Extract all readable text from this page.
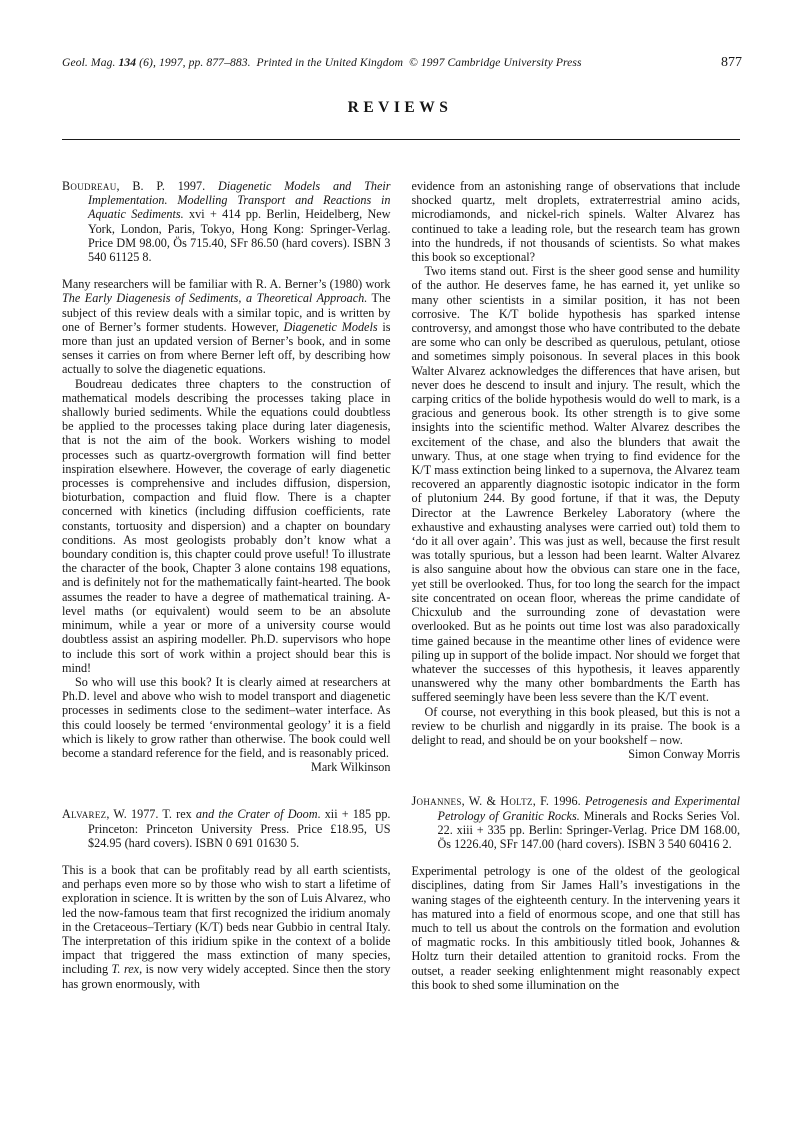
Geol. Mag. 134 (6), 1997, pp. 877–883. Printed in the United Kingdom © 1997 Cambridge University Press	877
REVIEWS
Boudreau, B. P. 1997. Diagenetic Models and Their Implementation. Modelling Transport and Reactions in Aquatic Sediments. xvi + 414 pp. Berlin, Heidelberg, New York, London, Paris, Tokyo, Hong Kong: Springer-Verlag. Price DM 98.00, Ös 715.40, SFr 86.50 (hard covers). ISBN 3 540 61125 8.
Many researchers will be familiar with R. A. Berner’s (1980) work The Early Diagenesis of Sediments, a Theoretical Approach. The subject of this review deals with a similar topic, and is written by one of Berner’s former students. However, Diagenetic Models is more than just an updated version of Berner’s book, and in some senses it carries on from where Berner left off, by describing how actually to solve the diagenetic equations.
Boudreau dedicates three chapters to the construction of mathematical models describing the processes taking place in shallowly buried sediments. While the equations could doubtless be applied to the processes taking place during later diagenesis, that is not the aim of the book. Workers wishing to model processes such as quartz-overgrowth formation will find better inspiration elsewhere. However, the coverage of early diagenetic processes is comprehensive and includes diffusion, dispersion, bioturbation, compaction and fluid flow. There is a chapter concerned with kinetics (including diffusion coefficients, rate constants, tortuosity and dispersion) and a chapter on boundary conditions. As most geologists probably don’t know what a boundary condition is, this chapter could prove useful! To illustrate the character of the book, Chapter 3 alone contains 198 equations, and is definitely not for the mathematically faint-hearted. The book assumes the reader to have a degree of mathematical training. A-level maths (or equivalent) would seem to be an absolute minimum, while a year or more of a university course would doubtless assist an aspiring modeller. Ph.D. supervisors who hope to include this sort of work within a project should bear this is mind!
So who will use this book? It is clearly aimed at researchers at Ph.D. level and above who wish to model transport and diagenetic processes in sediments close to the sediment–water interface. As this could loosely be termed ‘environmental geology’ it is a field which is likely to grow rather than otherwise. The book could well become a standard reference for the field, and is reasonably priced.
Mark Wilkinson
Alvarez, W. 1977. T. rex and the Crater of Doom. xii + 185 pp. Princeton: Princeton University Press. Price £18.95, US $24.95 (hard covers). ISBN 0 691 01630 5.
This is a book that can be profitably read by all earth scientists, and perhaps even more so by those who wish to start a lifetime of exploration in science. It is written by the son of Luis Alvarez, who led the now-famous team that first recognized the iridium anomaly in the Cretaceous–Tertiary (K/T) beds near Gubbio in central Italy. The interpretation of this iridium spike in the context of a bolide impact that triggered the mass extinction of many species, including T. rex, is now very widely accepted. Since then the story has grown enormously, with
evidence from an astonishing range of observations that include shocked quartz, melt droplets, extraterrestrial amino acids, microdiamonds, and nickel-rich spinels. Walter Alvarez has continued to take a leading role, but the research team has grown into the hundreds, if not thousands of scientists. So what makes this book so exceptional?
Two items stand out. First is the sheer good sense and humility of the author. He deserves fame, he has earned it, yet unlike so many other scientists in a similar position, it has not been corrosive. The K/T bolide hypothesis has sparked intense controversy, and amongst those who have contributed to the debate are some who can only be described as querulous, petulant, otiose and sometimes simply poisonous. In several places in this book Walter Alvarez acknowledges the differences that have arisen, but never does he descend to insult and injury. The result, which the carping critics of the bolide hypothesis would do well to mark, is a gracious and generous book. Its other strength is to give some insights into the scientific method. Walter Alvarez describes the excitement of the chase, and also the blunders that await the unwary. Thus, at one stage when trying to find evidence for the K/T mass extinction being linked to a supernova, the Alvarez team recovered an apparently diagnostic isotopic indicator in the form of plutonium 244. By good fortune, if that it was, the Deputy Director at the Lawrence Berkeley Laboratory (where the exhaustive and exhausting analyses were carried out) told them to ‘do it all over again’. This was just as well, because the first result was totally spurious, but a lesson had been learnt. Walter Alvarez is also sanguine about how the obvious can stare one in the face, yet still be overlooked. Thus, for too long the search for the impact site concentrated on ocean floor, whereas the prime candidate of Chicxulub and the surrounding zone of devastation were overlooked. But as he points out time lost was also paradoxically time gained because in the meantime other lines of evidence were piling up in support of the bolide impact. Nor should we forget that whatever the successes of this hypothesis, it leaves apparently unanswered why the many other bombardments the Earth has suffered seemingly have been less severe than the K/T event.
Of course, not everything in this book pleased, but this is not a review to be churlish and niggardly in its praise. The book is a delight to read, and should be on your bookshelf – now.
Simon Conway Morris
Johannes, W. & Holtz, F. 1996. Petrogenesis and Experimental Petrology of Granitic Rocks. Minerals and Rocks Series Vol. 22. xiii + 335 pp. Berlin: Springer-Verlag. Price DM 168.00, Ös 1226.40, SFr 147.00 (hard covers). ISBN 3 540 60416 2.
Experimental petrology is one of the oldest of the geological disciplines, dating from Sir James Hall’s investigations in the waning stages of the eighteenth century. In the intervening years it has matured into a field of enormous scope, and one that still has much to tell us about the controls on the formation and evolution of magmatic rocks. In this ambitiously titled book, Johannes & Holtz turn their detailed attention to granitoid rocks. From the outset, a reader seeking enlightenment might reasonably expect this book to shed some illumination on the
